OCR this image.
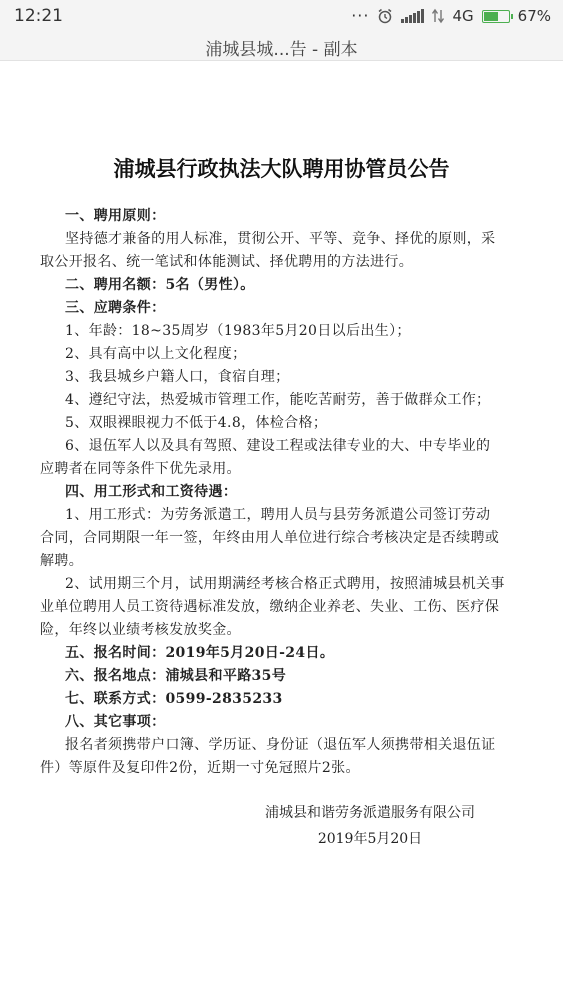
12:21	···	4G	67%
浦城县城...告 - 副本
浦城县行政执法大队聘用协管员公告
一、聘用原则：
坚持德才兼备的用人标准，贯彻公开、平等、竞争、择优的原则，采
取公开报名、统一笔试和体能测试、择优聘用的方法进行。
二、聘用名额：5名（男性）。
三、应聘条件：
1、年龄：18~35周岁（1983年5月20日以后出生）；
2、具有高中以上文化程度；
3、我县城乡户籍人口，食宿自理；
4、遵纪守法，热爱城市管理工作，能吃苦耐劳，善于做群众工作；
5、双眼裸眼视力不低于4.8，体检合格；
6、退伍军人以及具有驾照、建设工程或法律专业的大、中专毕业的
应聘者在同等条件下优先录用。
四、用工形式和工资待遇：
1、用工形式：为劳务派遣工，聘用人员与县劳务派遣公司签订劳动
合同，合同期限一年一签，年终由用人单位进行综合考核决定是否续聘或
解聘。
2、试用期三个月，试用期满经考核合格正式聘用，按照浦城县机关事
业单位聘用人员工资待遇标准发放，缴纳企业养老、失业、工伤、医疗保
险，年终以业绩考核发放奖金。
五、报名时间：2019年5月20日-24日。
六、报名地点：浦城县和平路35号
七、联系方式：0599-2835233
八、其它事项：
报名者须携带户口簿、学历证、身份证（退伍军人须携带相关退伍证
件）等原件及复印件2份，近期一寸免冠照片2张。
浦城县和谐劳务派遣服务有限公司
2019年5月20日
